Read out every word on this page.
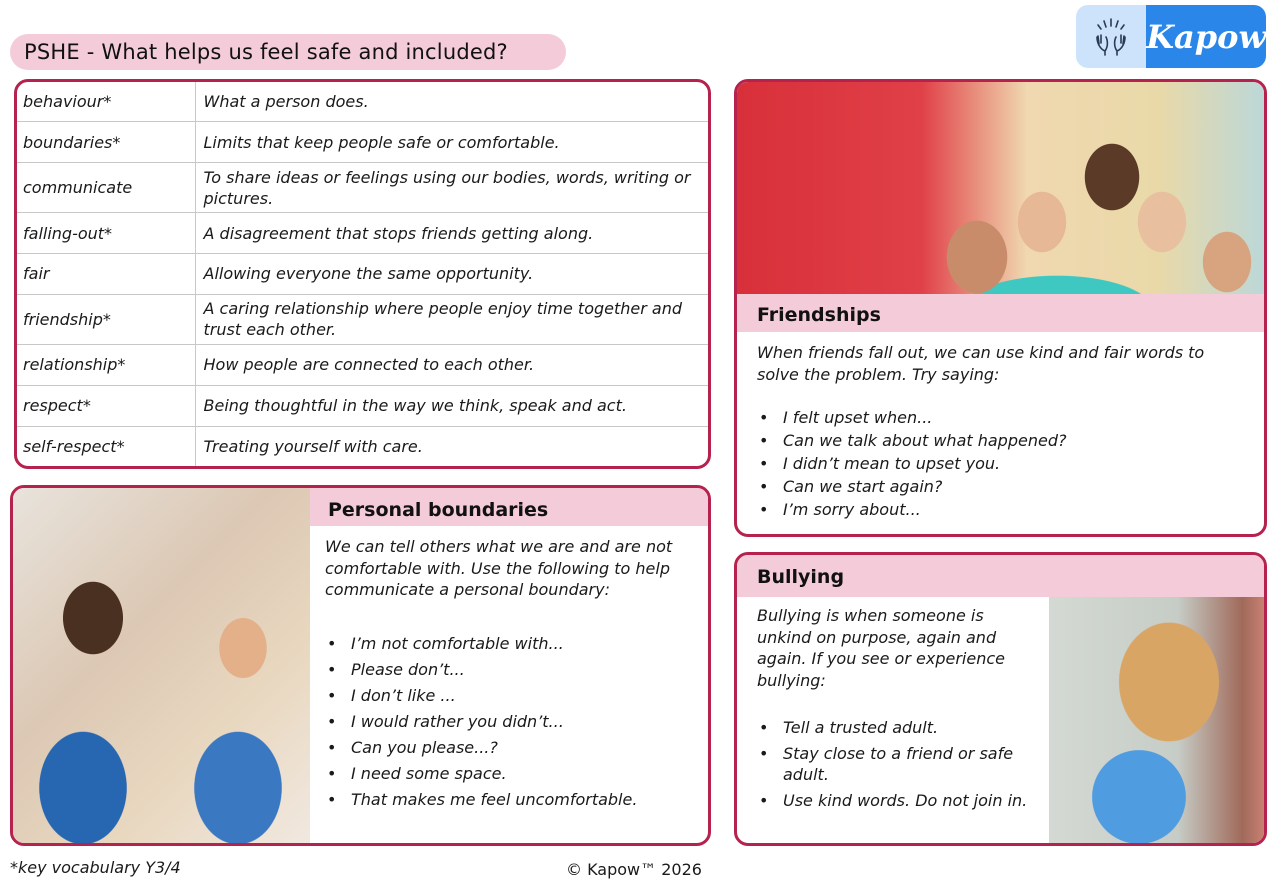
PSHE - What helps us feel safe and included?	Kapow
behaviour*	What a person does.
boundaries*	Limits that keep people safe or comfortable.
communicate	To share ideas or feelings using our bodies, words, writing or pictures.
falling-out*	A disagreement that stops friends getting along.
fair	Allowing everyone the same opportunity.
friendship*	A caring relationship where people enjoy time together and trust each other.
relationship*	How people are connected to each other.
respect*	Being thoughtful in the way we think, speak and act.
self-respect*	Treating yourself with care.
Friendships

When friends fall out, we can use kind and fair words to solve the problem. Try saying:

• I felt upset when...
• Can we talk about what happened?
• I didn’t mean to upset you.
• Can we start again?
• I’m sorry about...
Personal boundaries

We can tell others what we are and are not comfortable with. Use the following to help communicate a personal boundary:

• I’m not comfortable with...
• Please don’t...
• I don’t like ...
• I would rather you didn’t...
• Can you please...?
• I need some space.
• That makes me feel uncomfortable.
Bullying

Bullying is when someone is unkind on purpose, again and again. If you see or experience bullying:

• Tell a trusted adult.
• Stay close to a friend or safe adult.
• Use kind words. Do not join in.
*key vocabulary Y3/4	© Kapow™ 2026
